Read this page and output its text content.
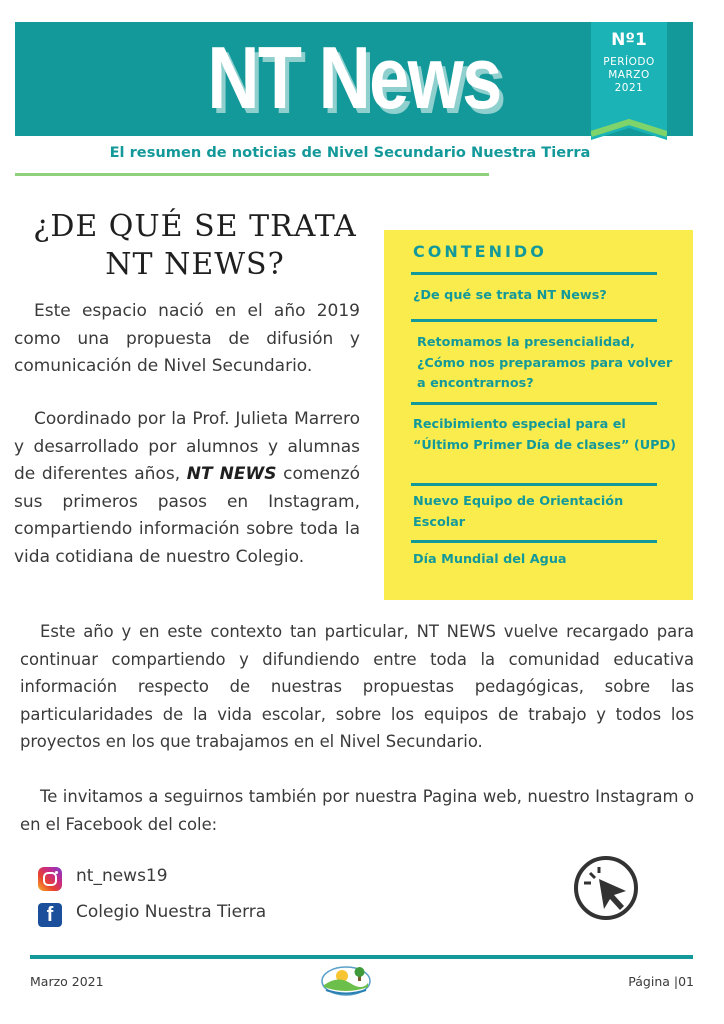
NT News	Nº1
PERÍODO
MARZO
2021
El resumen de noticias de Nivel Secundario Nuestra Tierra
¿DE QUÉ SE TRATA
NT NEWS?

Este espacio nació en el año 2019 como una propuesta de difusión y comunicación de Nivel Secundario.

Coordinado por la Prof. Julieta Marrero y desarrollado por alumnos y alumnas de diferentes años, NT NEWS comenzó sus primeros pasos en Instagram, compartiendo información sobre toda la vida cotidiana de nuestro Colegio.

CONTENIDO
¿De qué se trata NT News?
Retomamos la presencialidad, ¿Cómo nos preparamos para volver a encontrarnos?
Recibimiento especial para el “Último Primer Día de clases” (UPD)
Nuevo Equipo de Orientación Escolar
Día Mundial del Agua

Este año y en este contexto tan particular, NT NEWS vuelve recargado para continuar compartiendo y difundiendo entre toda la comunidad educativa información respecto de nuestras propuestas pedagógicas, sobre las particularidades de la vida escolar, sobre los equipos de trabajo y todos los proyectos en los que trabajamos en el Nivel Secundario.

Te invitamos a seguirnos también por nuestra Pagina web, nuestro Instagram o en el Facebook del cole:

nt_news19
f	Colegio Nuestra Tierra
Marzo 2021	Página |01
